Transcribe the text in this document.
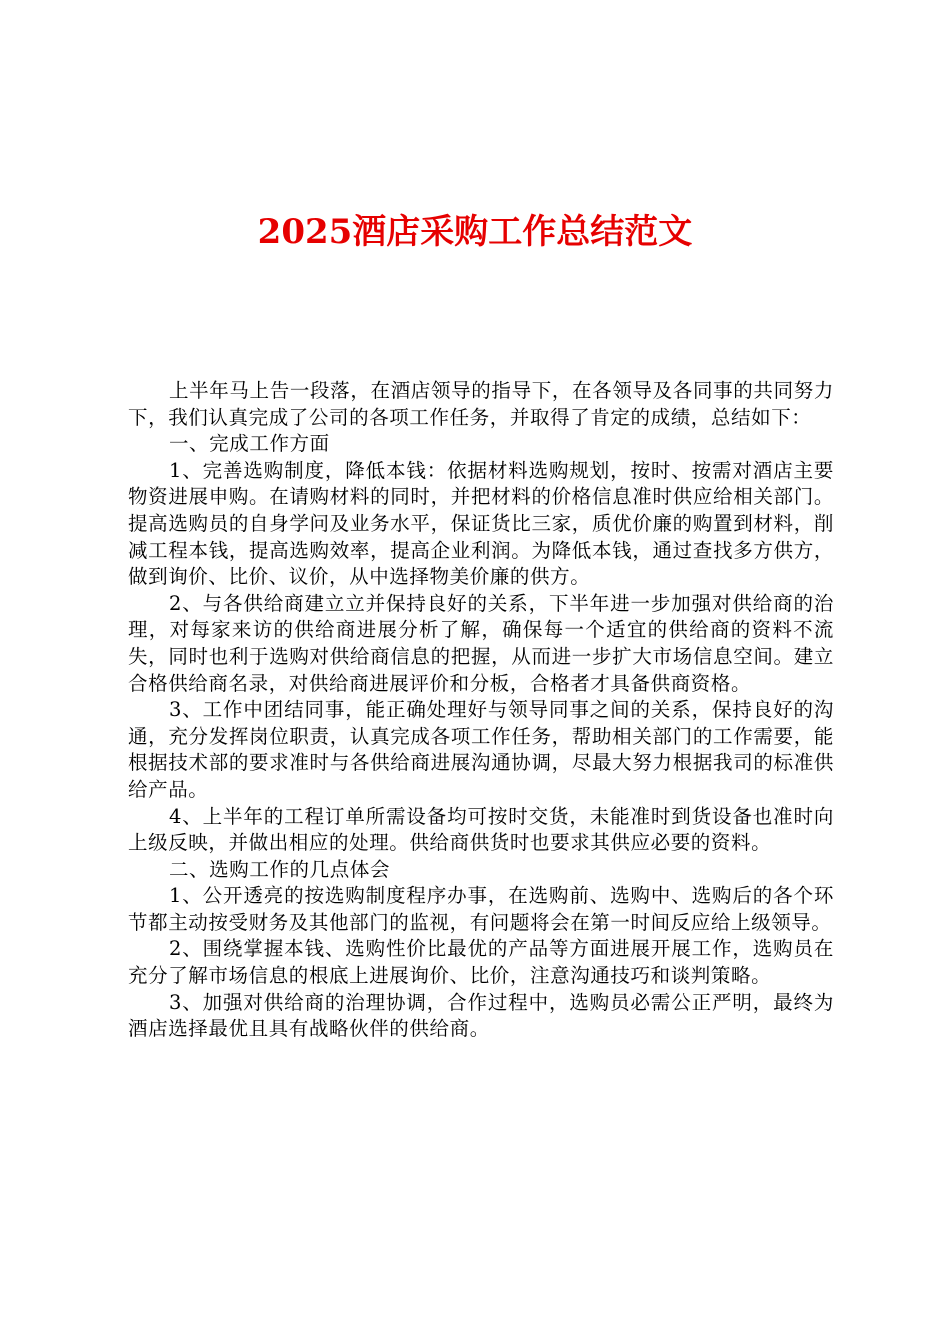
2025酒店采购工作总结范文

上半年马上告一段落，在酒店领导的指导下，在各领导及各同事的共同努力下，我们认真完成了公司的各项工作任务，并取得了肯定的成绩，总结如下：

一、完成工作方面

1、完善选购制度，降低本钱：依据材料选购规划，按时、按需对酒店主要物资进展申购。在请购材料的同时，并把材料的价格信息准时供应给相关部门。提高选购员的自身学问及业务水平，保证货比三家，质优价廉的购置到材料，削减工程本钱，提高选购效率，提高企业利润。为降低本钱，通过查找多方供方，做到询价、比价、议价，从中选择物美价廉的供方。

2、与各供给商建立立并保持良好的关系，下半年进一步加强对供给商的治理，对每家来访的供给商进展分析了解，确保每一个适宜的供给商的资料不流失，同时也利于选购对供给商信息的把握，从而进一步扩大市场信息空间。建立合格供给商名录，对供给商进展评价和分板，合格者才具备供商资格。

3、工作中团结同事，能正确处理好与领导同事之间的关系，保持良好的沟通，充分发挥岗位职责，认真完成各项工作任务，帮助相关部门的工作需要，能根据技术部的要求准时与各供给商进展沟通协调，尽最大努力根据我司的标准供给产品。

4、上半年的工程订单所需设备均可按时交货，未能准时到货设备也准时向上级反映，并做出相应的处理。供给商供货时也要求其供应必要的资料。

二、选购工作的几点体会

1、公开透亮的按选购制度程序办事，在选购前、选购中、选购后的各个环节都主动按受财务及其他部门的监视，有问题将会在第一时间反应给上级领导。

2、围绕掌握本钱、选购性价比最优的产品等方面进展开展工作，选购员在充分了解市场信息的根底上进展询价、比价，注意沟通技巧和谈判策略。

3、加强对供给商的治理协调，合作过程中，选购员必需公正严明，最终为酒店选择最优且具有战略伙伴的供给商。
